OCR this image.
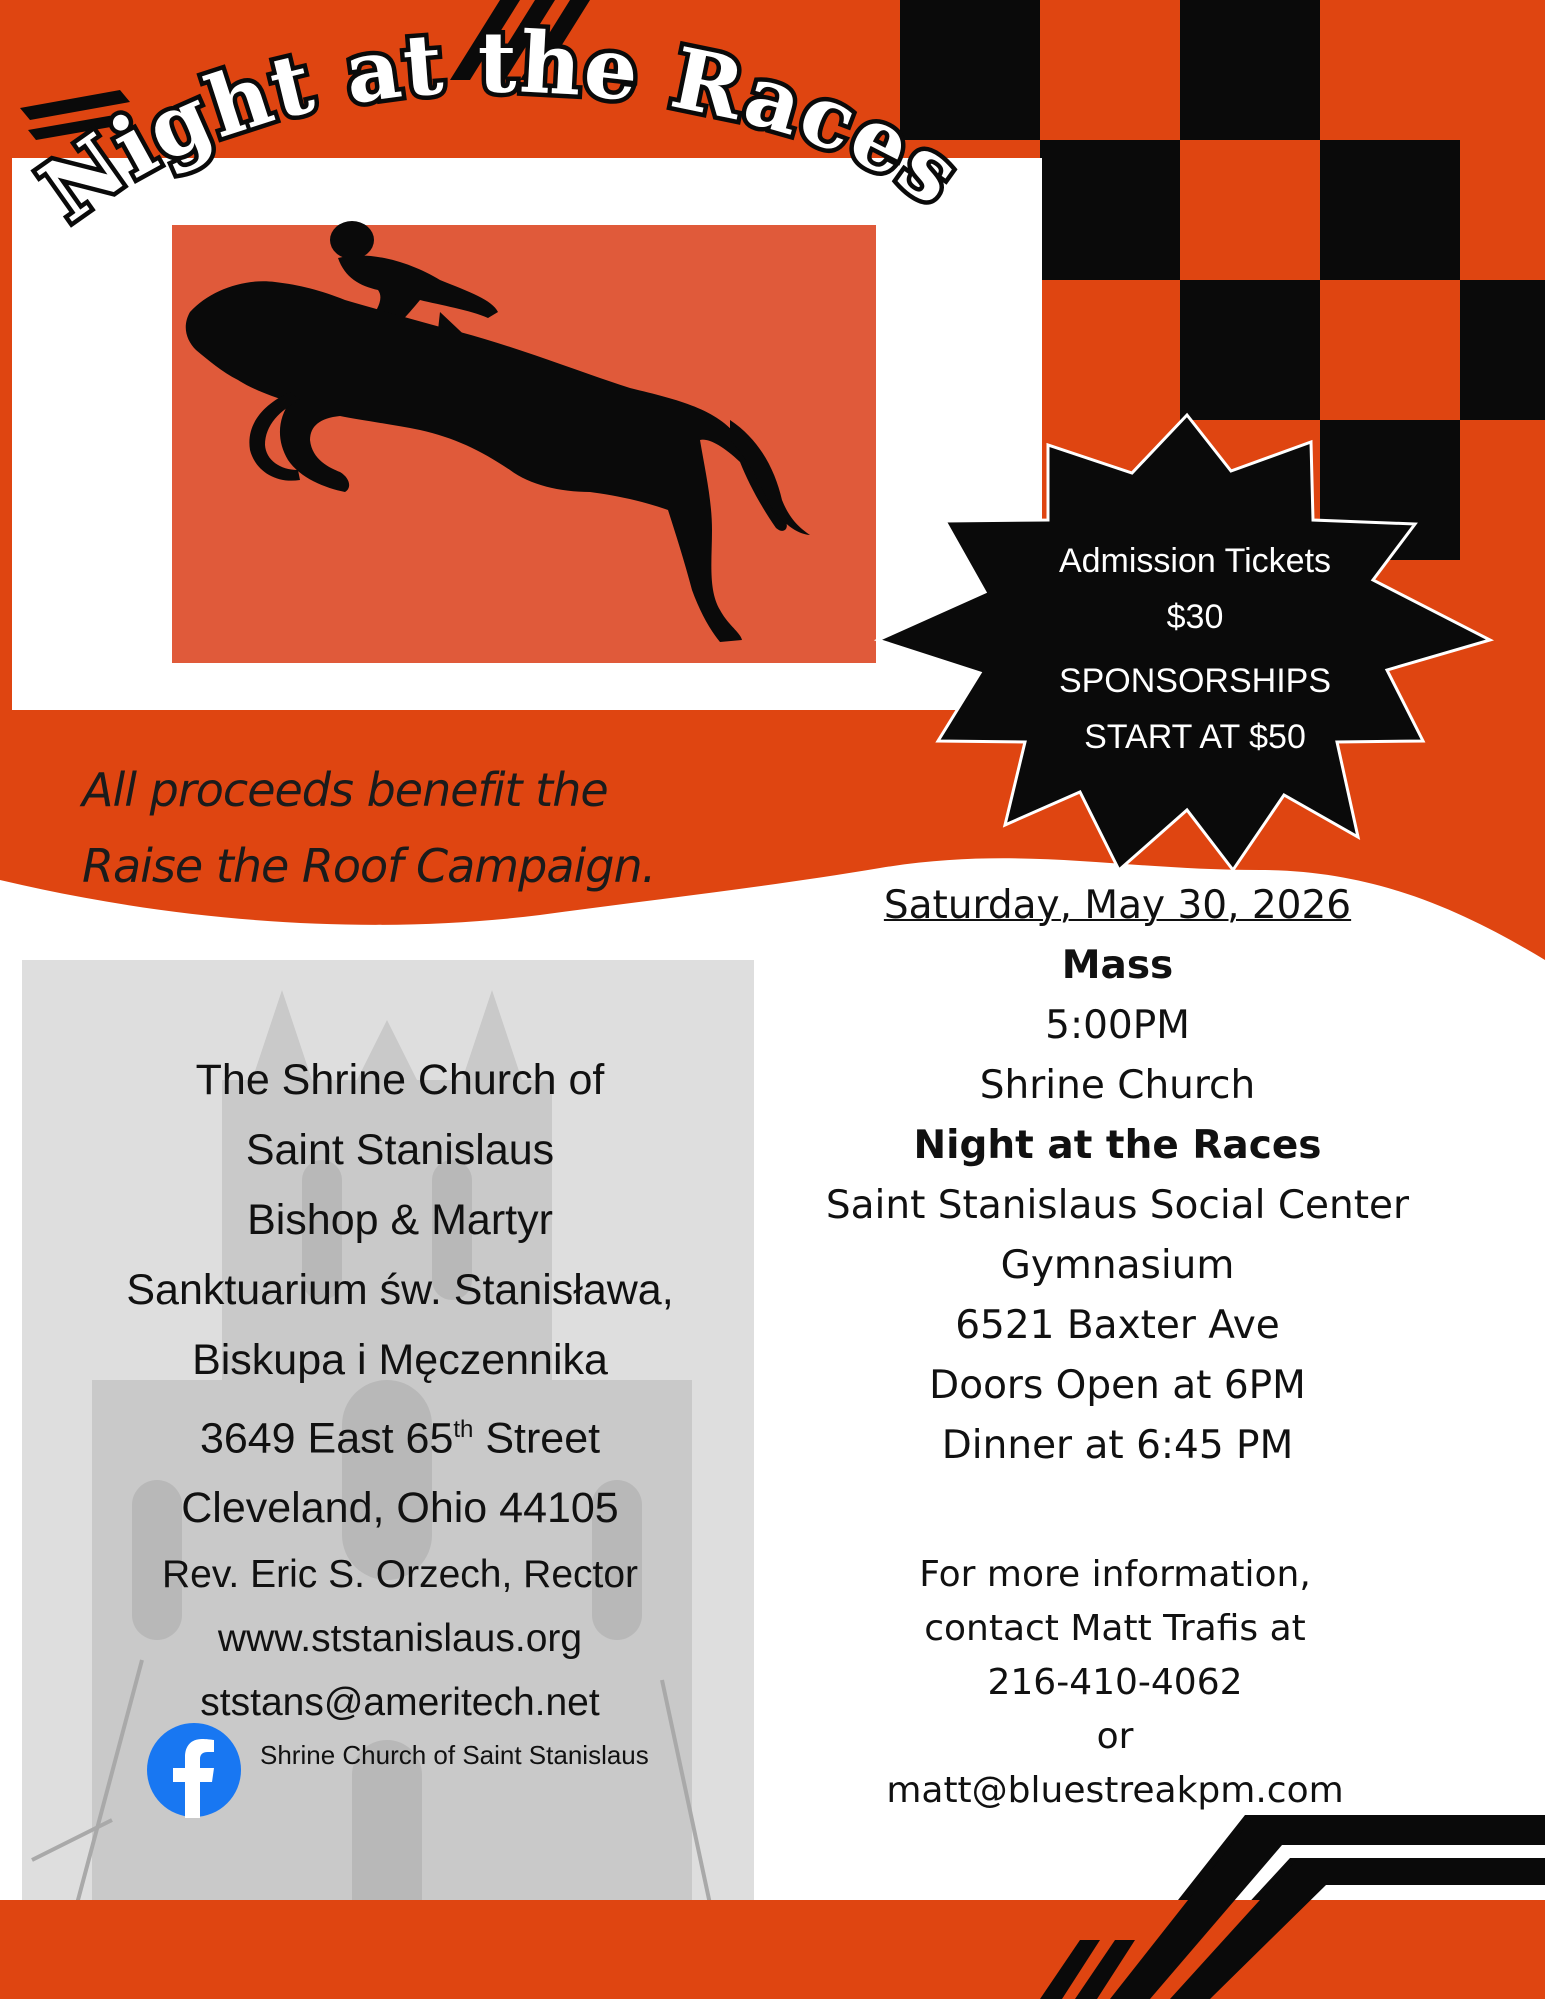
Night at the Races
All proceeds benefit the
Raise the Roof Campaign.
Admission Tickets
$30
SPONSORSHIPS
START AT $50
The Shrine Church of
Saint Stanislaus
Bishop & Martyr
Sanktuarium św. Stanisława,
Biskupa i Męczennika
3649 East 65th Street
Cleveland, Ohio 44105
Rev. Eric S. Orzech, Rector
www.ststanislaus.org
ststans@ameritech.net
Shrine Church of Saint Stanislaus
Saturday, May 30, 2026
Mass
5:00PM
Shrine Church
Night at the Races
Saint Stanislaus Social Center
Gymnasium
6521 Baxter Ave
Doors Open at 6PM
Dinner at 6:45 PM
For more information,
contact Matt Trafis at
216-410-4062
or
matt@bluestreakpm.com
